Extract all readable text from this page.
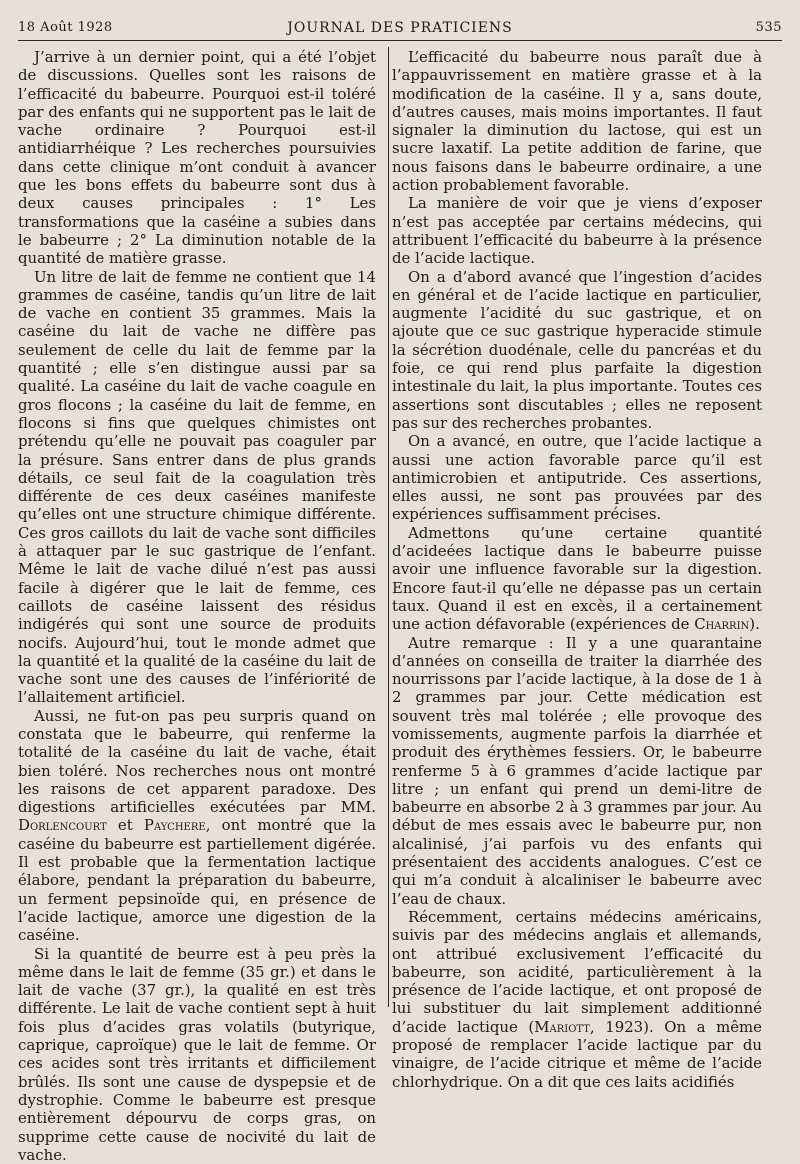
18 Août 1928	JOURNAL DES PRATICIENS	535

J’arrive à un dernier point, qui a été l’objet de discussions. Quelles sont les raisons de l’efficacité du babeurre. Pourquoi est-il toléré par des enfants qui ne supportent pas le lait de vache ordinaire ? Pourquoi est-il antidiarrhéique ? Les recherches poursuivies dans cette clinique m’ont conduit à avancer que les bons effets du babeurre sont dus à deux causes principales : 1° Les transformations que la caséine a subies dans le babeurre ; 2° La diminution notable de la quantité de matière grasse.

Un litre de lait de femme ne contient que 14 grammes de caséine, tandis qu’un litre de lait de vache en contient 35 grammes. Mais la caséine du lait de vache ne diffère pas seulement de celle du lait de femme par la quantité ; elle s’en distingue aussi par sa qualité. La caséine du lait de vache coagule en gros flocons ; la caséine du lait de femme, en flocons si fins que quelques chimistes ont prétendu qu’elle ne pouvait pas coaguler par la présure. Sans entrer dans de plus grands détails, ce seul fait de la coagulation très différente de ces deux caséines manifeste qu’elles ont une structure chimique différente. Ces gros caillots du lait de vache sont difficiles à attaquer par le suc gastrique de l’enfant. Même le lait de vache dilué n’est pas aussi facile à digérer que le lait de femme, ces caillots de caséine laissent des résidus indigérés qui sont une source de produits nocifs. Aujourd’hui, tout le monde admet que la quantité et la qualité de la caséine du lait de vache sont une des causes de l’infériorité de l’allaitement artificiel.

Aussi, ne fut-on pas peu surpris quand on constata que le babeurre, qui renferme la totalité de la caséine du lait de vache, était bien toléré. Nos recherches nous ont montré les raisons de cet apparent paradoxe. Des digestions artificielles exécutées par MM. Dorlencourt et Paychere, ont montré que la caséine du babeurre est partiellement digérée. Il est probable que la fermentation lactique élabore, pendant la préparation du babeurre, un ferment pepsinoïde qui, en présence de l’acide lactique, amorce une digestion de la caséine.

Si la quantité de beurre est à peu près la même dans le lait de femme (35 gr.) et dans le lait de vache (37 gr.), la qualité en est très différente. Le lait de vache contient sept à huit fois plus d’acides gras volatils (butyrique, caprique, caproïque) que le lait de femme. Or ces acides sont très irritants et difficilement brûlés. Ils sont une cause de dyspepsie et de dystrophie. Comme le babeurre est presque entièrement dépourvu de corps gras, on supprime cette cause de nocivité du lait de vache.

L’efficacité du babeurre nous paraît due à l’appauvrissement en matière grasse et à la modification de la caséine. Il y a, sans doute, d’autres causes, mais moins importantes. Il faut signaler la diminution du lactose, qui est un sucre laxatif. La petite addition de farine, que nous faisons dans le babeurre ordinaire, a une action probablement favorable.

La manière de voir que je viens d’exposer n’est pas acceptée par certains médecins, qui attribuent l’efficacité du babeurre à la présence de l’acide lactique.

On a d’abord avancé que l’ingestion d’acides en général et de l’acide lactique en particulier, augmente l’acidité du suc gastrique, et on ajoute que ce suc gastrique hyperacide stimule la sécrétion duodénale, celle du pancréas et du foie, ce qui rend plus parfaite la digestion intestinale du lait, la plus importante. Toutes ces assertions sont discutables ; elles ne reposent pas sur des recherches probantes.

On a avancé, en outre, que l’acide lactique a aussi une action favorable parce qu’il est antimicrobien et antiputride. Ces assertions, elles aussi, ne sont pas prouvées par des expériences suffisamment précises.

Admettons qu’une certaine quantité d’acideées lactique dans le babeurre puisse avoir une influence favorable sur la digestion. Encore faut-il qu’elle ne dépasse pas un certain taux. Quand il est en excès, il a certainement une action défavorable (expériences de Charrin).

Autre remarque : Il y a une quarantaine d’années on conseilla de traiter la diarrhée des nourrissons par l’acide lactique, à la dose de 1 à 2 grammes par jour. Cette médication est souvent très mal tolérée ; elle provoque des vomissements, augmente parfois la diarrhée et produit des érythèmes fessiers. Or, le babeurre renferme 5 à 6 grammes d’acide lactique par litre ; un enfant qui prend un demi-litre de babeurre en absorbe 2 à 3 grammes par jour. Au début de mes essais avec le babeurre pur, non alcalinisé, j’ai parfois vu des enfants qui présentaient des accidents analogues. C’est ce qui m’a conduit à alcaliniser le babeurre avec l’eau de chaux.

Récemment, certains médecins américains, suivis par des médecins anglais et allemands, ont attribué exclusivement l’efficacité du babeurre, son acidité, particulièrement à la présence de l’acide lactique, et ont proposé de lui substituer du lait simplement additionné d’acide lactique (Mariott, 1923). On a même proposé de remplacer l’acide lactique par du vinaigre, de l’acide citrique et même de l’acide chlorhydrique. On a dit que ces laits acidifiés
